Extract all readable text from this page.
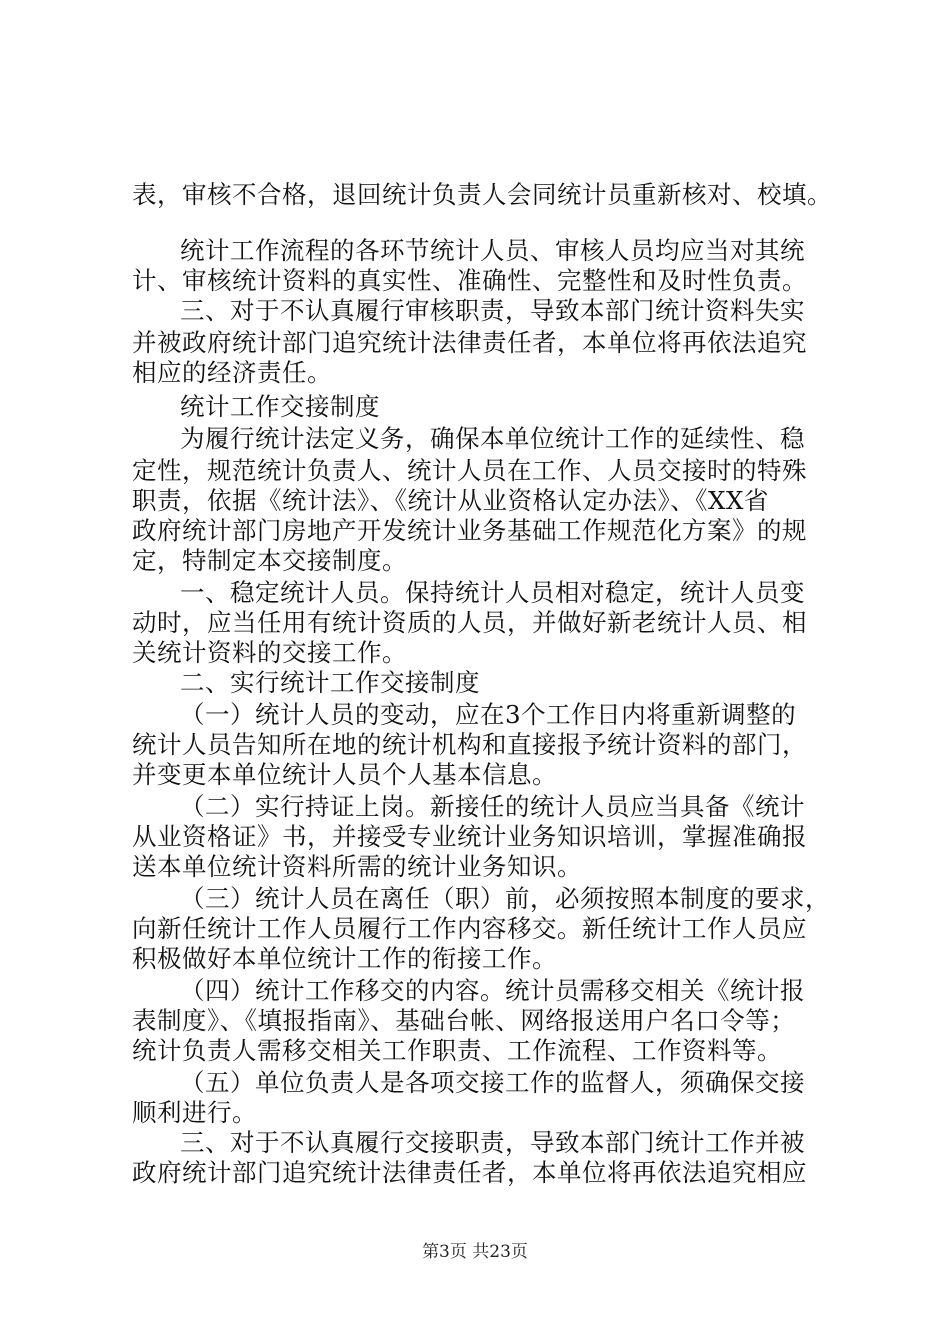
表，审核不合格，退回统计负责人会同统计员重新核对、校填。
统计工作流程的各环节统计人员、审核人员均应当对其统
计、审核统计资料的真实性、准确性、完整性和及时性负责。
三、对于不认真履行审核职责，导致本部门统计资料失实
并被政府统计部门追究统计法律责任者，本单位将再依法追究
相应的经济责任。
统计工作交接制度
为履行统计法定义务，确保本单位统计工作的延续性、稳
定性，规范统计负责人、统计人员在工作、人员交接时的特殊
职责，依据《统计法》、《统计从业资格认定办法》、《XX省
政府统计部门房地产开发统计业务基础工作规范化方案》的规
定，特制定本交接制度。
一、稳定统计人员。保持统计人员相对稳定，统计人员变
动时，应当任用有统计资质的人员，并做好新老统计人员、相
关统计资料的交接工作。
二、实行统计工作交接制度
（一）统计人员的变动，应在3个工作日内将重新调整的
统计人员告知所在地的统计机构和直接报予统计资料的部门，
并变更本单位统计人员个人基本信息。
（二）实行持证上岗。新接任的统计人员应当具备《统计
从业资格证》书，并接受专业统计业务知识培训，掌握准确报
送本单位统计资料所需的统计业务知识。
（三）统计人员在离任（职）前，必须按照本制度的要求，
向新任统计工作人员履行工作内容移交。新任统计工作人员应
积极做好本单位统计工作的衔接工作。
（四）统计工作移交的内容。统计员需移交相关《统计报
表制度》、《填报指南》、基础台帐、网络报送用户名口令等；
统计负责人需移交相关工作职责、工作流程、工作资料等。
（五）单位负责人是各项交接工作的监督人，须确保交接
顺利进行。
三、对于不认真履行交接职责，导致本部门统计工作并被
政府统计部门追究统计法律责任者，本单位将再依法追究相应
第3页 共23页
